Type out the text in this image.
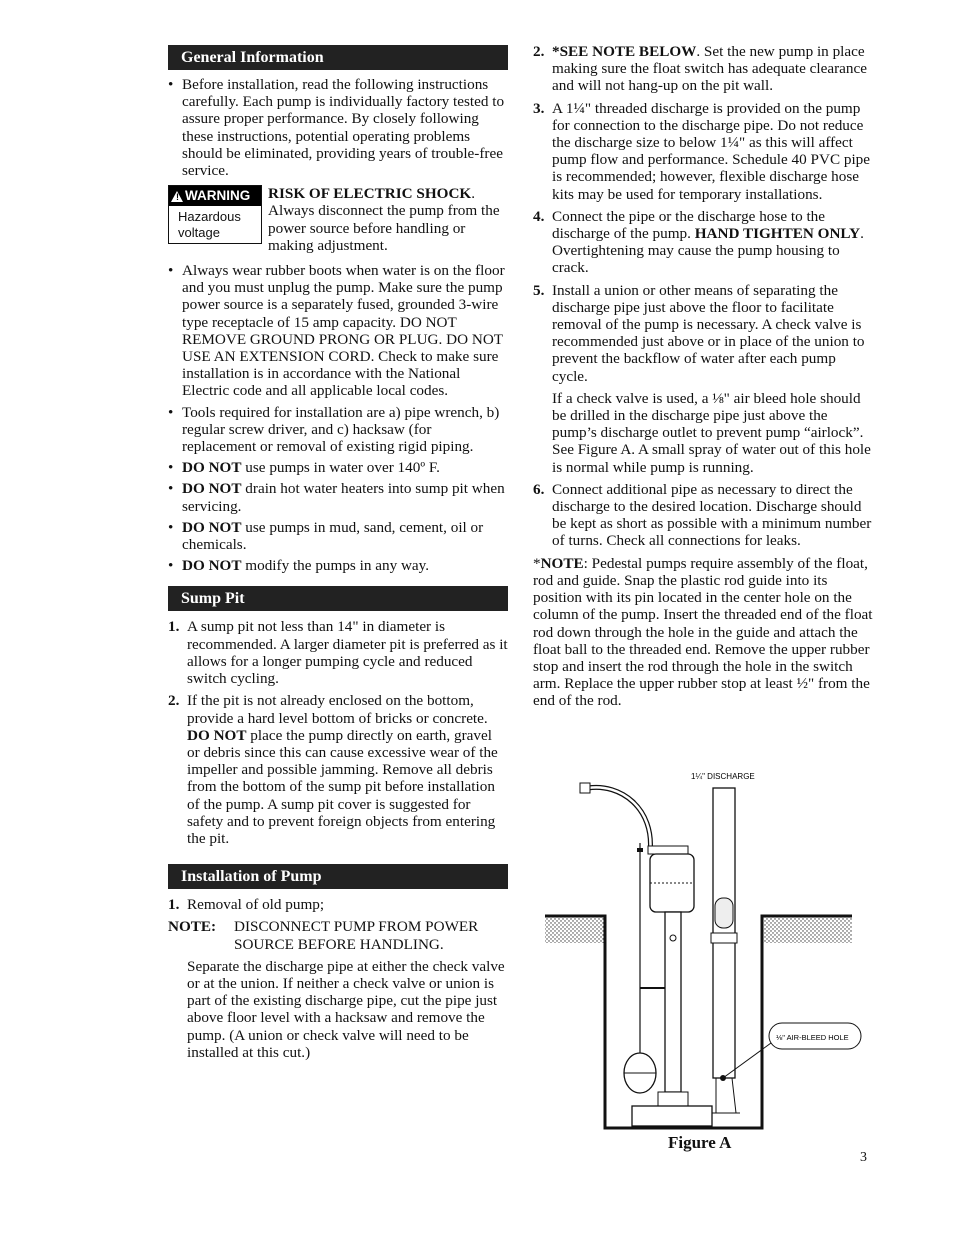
General Information
• Before installation, read the following instructions carefully. Each pump is individually factory tested to assure proper performance. By closely following these instructions, potential operating problems should be eliminated, providing years of trouble-free service.
! WARNING
Hazardous voltage
RISK OF ELECTRIC SHOCK. Always disconnect the pump from the power source before handling or making adjustment.
• Always wear rubber boots when water is on the floor and you must unplug the pump. Make sure the pump power source is a separately fused, grounded 3-wire type receptacle of 15 amp capacity. DO NOT REMOVE GROUND PRONG OR PLUG. DO NOT USE AN EXTENSION CORD. Check to make sure installation is in accordance with the National Electric code and all applicable local codes.
• Tools required for installation are a) pipe wrench, b) regular screw driver, and c) hacksaw (for replacement or removal of existing rigid piping.
• DO NOT use pumps in water over 140º F.
• DO NOT drain hot water heaters into sump pit when servicing.
• DO NOT use pumps in mud, sand, cement, oil or chemicals.
• DO NOT modify the pumps in any way.
Sump Pit
1. A sump pit not less than 14" in diameter is recommended. A larger diameter pit is preferred as it allows for a longer pumping cycle and reduced switch cycling.
2. If the pit is not already enclosed on the bottom, provide a hard level bottom of bricks or concrete. DO NOT place the pump directly on earth, gravel or debris since this can cause excessive wear of the impeller and possible jamming. Remove all debris from the bottom of the sump pit before installation of the pump. A sump pit cover is suggested for safety and to prevent foreign objects from entering the pit.
Installation of Pump
1. Removal of old pump;
NOTE:	DISCONNECT PUMP FROM POWER SOURCE BEFORE HANDLING.
Separate the discharge pipe at either the check valve or at the union. If neither a check valve or union is part of the existing discharge pipe, cut the pipe just above floor level with a hacksaw and remove the pump. (A union or check valve will need to be installed at this cut.)
2. *SEE NOTE BELOW. Set the new pump in place making sure the float switch has adequate clearance and will not hang-up on the pit wall.
3. A 1¼" threaded discharge is provided on the pump for connection to the discharge pipe. Do not reduce the discharge size to below 1¼" as this will affect pump flow and performance. Schedule 40 PVC pipe is recommended; however, flexible discharge hose kits may be used for temporary installations.
4. Connect the pipe or the discharge hose to the discharge of the pump. HAND TIGHTEN ONLY. Overtightening may cause the pump housing to crack.
5. Install a union or other means of separating the discharge pipe just above the floor to facilitate removal of the pump is necessary. A check valve is recommended just above or in place of the union to prevent the backflow of water after each pump cycle.
If a check valve is used, a ⅛" air bleed hole should be drilled in the discharge pipe just above the pump’s discharge outlet to prevent pump “airlock”. See Figure A. A small spray of water out of this hole is normal while pump is running.
6. Connect additional pipe as necessary to direct the discharge to the desired location. Discharge should be kept as short as possible with a minimum number of turns. Check all connections for leaks.
*NOTE: Pedestal pumps require assembly of the float, rod and guide. Snap the plastic rod guide into its position with its pin located in the center hole on the column of the pump. Insert the threaded end of the float rod down through the hole in the guide and attach the float ball to the threaded end. Remove the upper rubber stop and insert the rod through the hole in the switch arm. Replace the upper rubber stop at least ½" from the end of the rod.
1¼" DISCHARGE
⅛" AIR-BLEED HOLE
Figure A
3
